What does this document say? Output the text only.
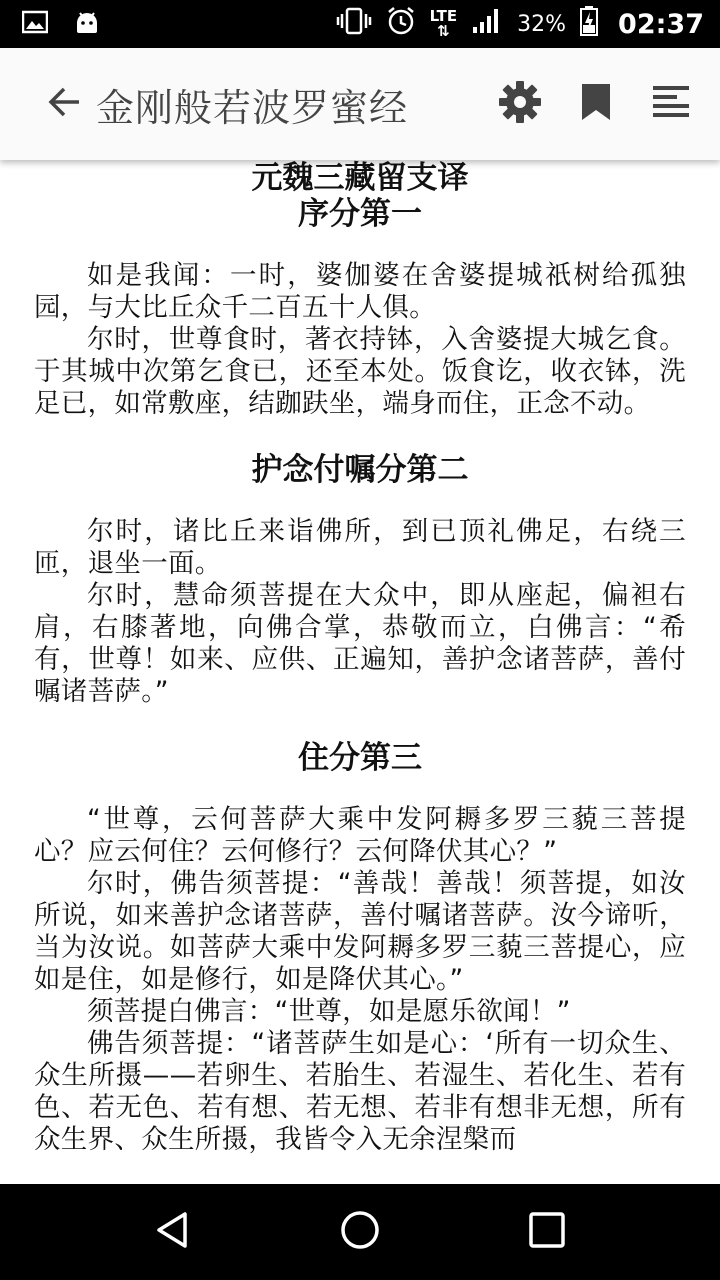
LTE
⇅	32% 02:37
金刚般若波罗蜜经
元魏三藏留支译
序分第一

如是我闻：一时，婆伽婆在舍婆提城祇树给孤独园，与大比丘众千二百五十人俱。

尔时，世尊食时，著衣持钵，入舍婆提大城乞食。于其城中次第乞食已，还至本处。饭食讫，收衣钵，洗足已，如常敷座，结跏趺坐，端身而住，正念不动。

护念付嘱分第二

尔时，诸比丘来诣佛所，到已顶礼佛足，右绕三匝，退坐一面。

尔时，慧命须菩提在大众中，即从座起，偏袒右肩，右膝著地，向佛合掌，恭敬而立，白佛言：“希有，世尊！如来、应供、正遍知，善护念诸菩萨，善付嘱诸菩萨。”

住分第三

“世尊，云何菩萨大乘中发阿耨多罗三藐三菩提心？应云何住？云何修行？云何降伏其心？”

尔时，佛告须菩提：“善哉！善哉！须菩提，如汝所说，如来善护念诸菩萨，善付嘱诸菩萨。汝今谛听，当为汝说。如菩萨大乘中发阿耨多罗三藐三菩提心，应如是住，如是修行，如是降伏其心。”

须菩提白佛言：“世尊，如是愿乐欲闻！”

佛告须菩提：“诸菩萨生如是心：‘所有一切众生、众生所摄——若卵生、若胎生、若湿生、若化生、若有色、若无色、若有想、若无想、若非有想非无想，所有众生界、众生所摄，我皆令入无余涅槃而
